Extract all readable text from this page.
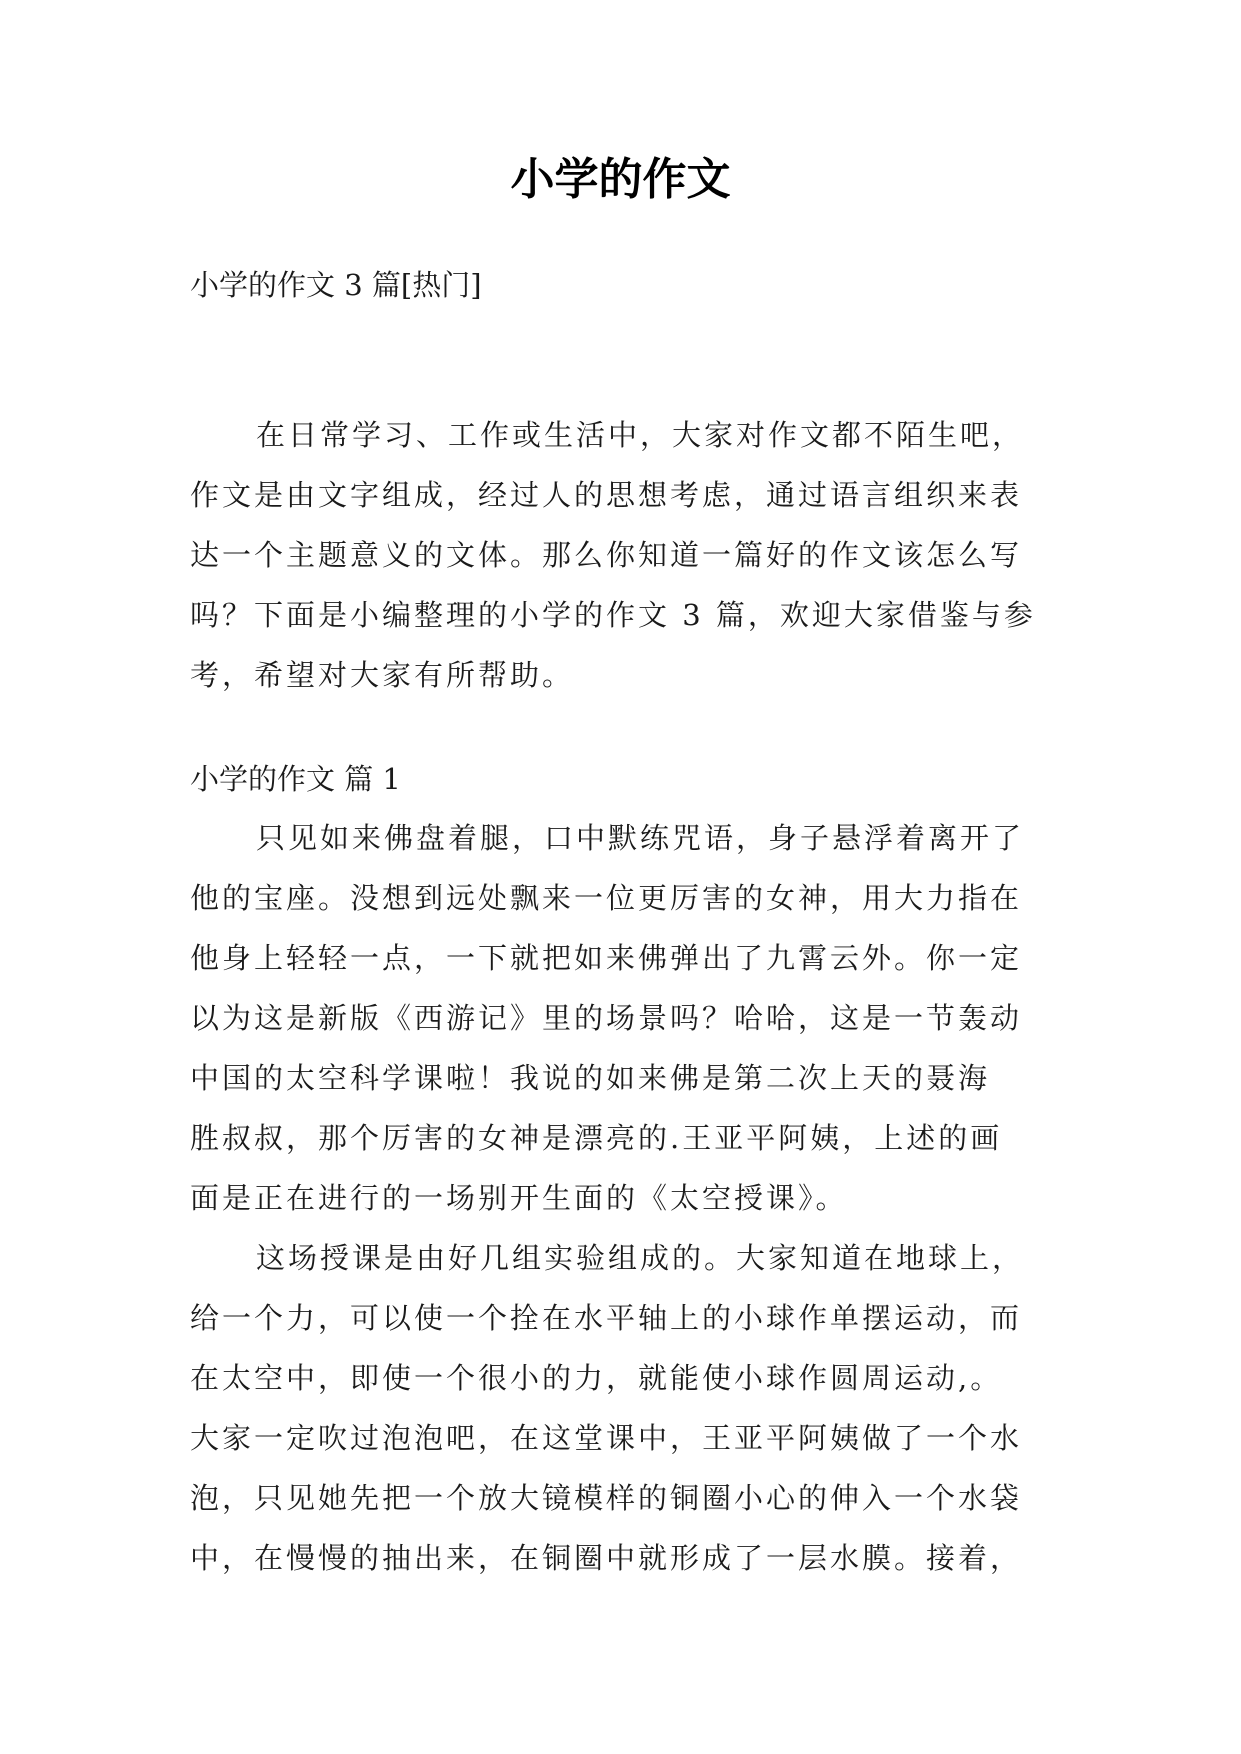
小学的作文

小学的作文 3 篇[热门]

在日常学习、工作或生活中，大家对作文都不陌生吧，
作文是由文字组成，经过人的思想考虑，通过语言组织来表
达一个主题意义的文体。那么你知道一篇好的作文该怎么写
吗？下面是小编整理的小学的作文 3 篇，欢迎大家借鉴与参
考，希望对大家有所帮助。

小学的作文 篇 1

只见如来佛盘着腿，口中默练咒语，身子悬浮着离开了
他的宝座。没想到远处飘来一位更厉害的女神，用大力指在
他身上轻轻一点，一下就把如来佛弹出了九霄云外。你一定
以为这是新版《西游记》里的场景吗？哈哈，这是一节轰动
中国的太空科学课啦！我说的如来佛是第二次上天的聂海
胜叔叔，那个厉害的女神是漂亮的.王亚平阿姨，上述的画
面是正在进行的一场别开生面的《太空授课》。
这场授课是由好几组实验组成的。大家知道在地球上，
给一个力，可以使一个拴在水平轴上的小球作单摆运动，而
在太空中，即使一个很小的力，就能使小球作圆周运动,。
大家一定吹过泡泡吧，在这堂课中，王亚平阿姨做了一个水
泡，只见她先把一个放大镜模样的铜圈小心的伸入一个水袋
中，在慢慢的抽出来，在铜圈中就形成了一层水膜。接着，
